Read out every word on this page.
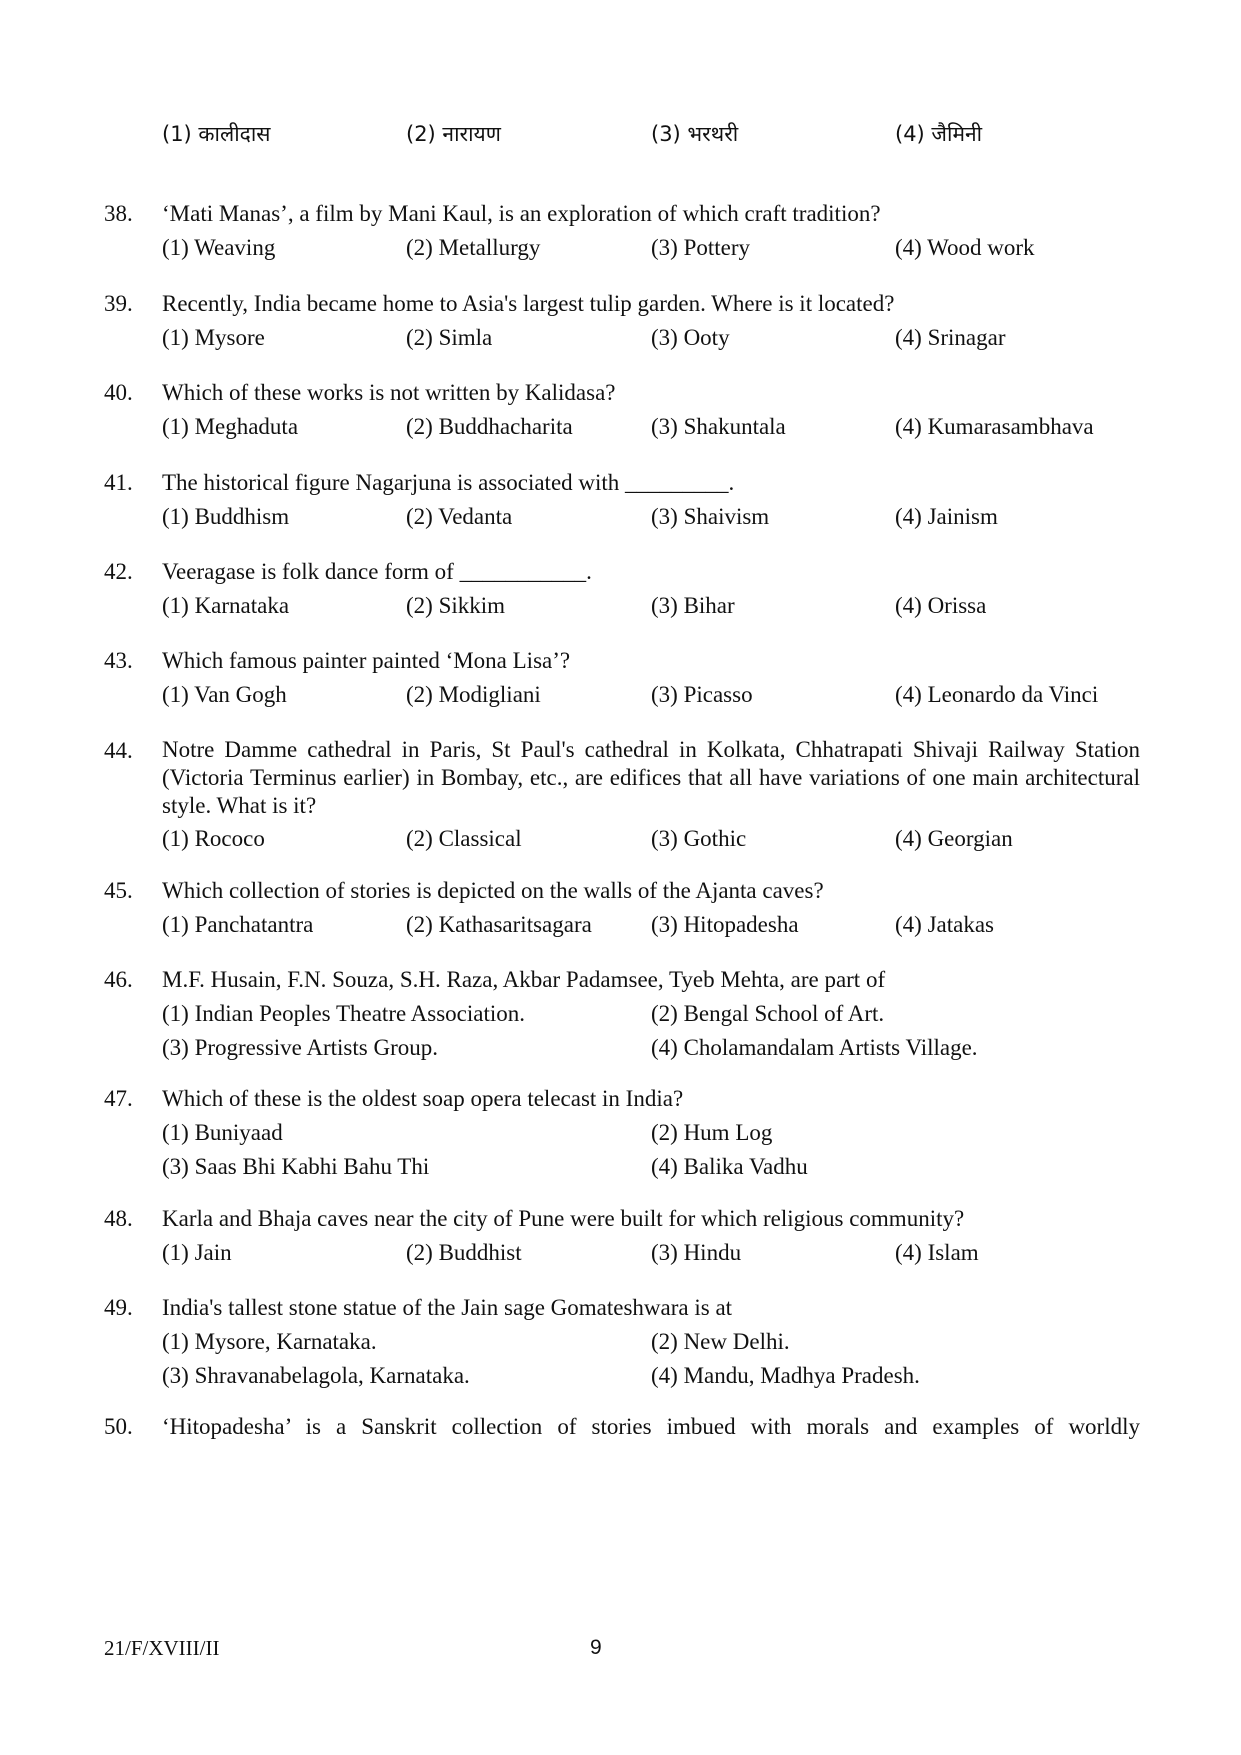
(1) कालीदास	(2) नारायण	(3) भरथरी	(4) जैमिनी
38.	‘Mati Manas’, a film by Mani Kaul, is an exploration of which craft tradition?
(1) Weaving	(2) Metallurgy	(3) Pottery	(4) Wood work
39.	Recently, India became home to Asia's largest tulip garden. Where is it located?
(1) Mysore	(2) Simla	(3) Ooty	(4) Srinagar
40.	Which of these works is not written by Kalidasa?
(1) Meghaduta	(2) Buddhacharita	(3) Shakuntala	(4) Kumarasambhava
41.	The historical figure Nagarjuna is associated with _________.
(1) Buddhism	(2) Vedanta	(3) Shaivism	(4) Jainism
42.	Veeragase is folk dance form of ___________.
(1) Karnataka	(2) Sikkim	(3) Bihar	(4) Orissa
43.	Which famous painter painted ‘Mona Lisa’?
(1) Van Gogh	(2) Modigliani	(3) Picasso	(4) Leonardo da Vinci
44.	Notre Damme cathedral in Paris, St Paul's cathedral in Kolkata, Chhatrapati Shivaji Railway Station (Victoria Terminus earlier) in Bombay, etc., are edifices that all have variations of one main architectural style. What is it?
(1) Rococo	(2) Classical	(3) Gothic	(4) Georgian
45.	Which collection of stories is depicted on the walls of the Ajanta caves?
(1) Panchatantra	(2) Kathasaritsagara	(3) Hitopadesha	(4) Jatakas
46.	M.F. Husain, F.N. Souza, S.H. Raza, Akbar Padamsee, Tyeb Mehta, are part of
(1) Indian Peoples Theatre Association.	(2) Bengal School of Art.
(3) Progressive Artists Group.	(4) Cholamandalam Artists Village.
47.	Which of these is the oldest soap opera telecast in India?
(1) Buniyaad	(2) Hum Log
(3) Saas Bhi Kabhi Bahu Thi	(4) Balika Vadhu
48.	Karla and Bhaja caves near the city of Pune were built for which religious community?
(1) Jain	(2) Buddhist	(3) Hindu	(4) Islam
49.	India's tallest stone statue of the Jain sage Gomateshwara is at
(1) Mysore, Karnataka.	(2) New Delhi.
(3) Shravanabelagola, Karnataka.	(4) Mandu, Madhya Pradesh.
50.	‘Hitopadesha’ is a Sanskrit collection of stories imbued with morals and examples of worldly
21/F/XVIII/II	9
